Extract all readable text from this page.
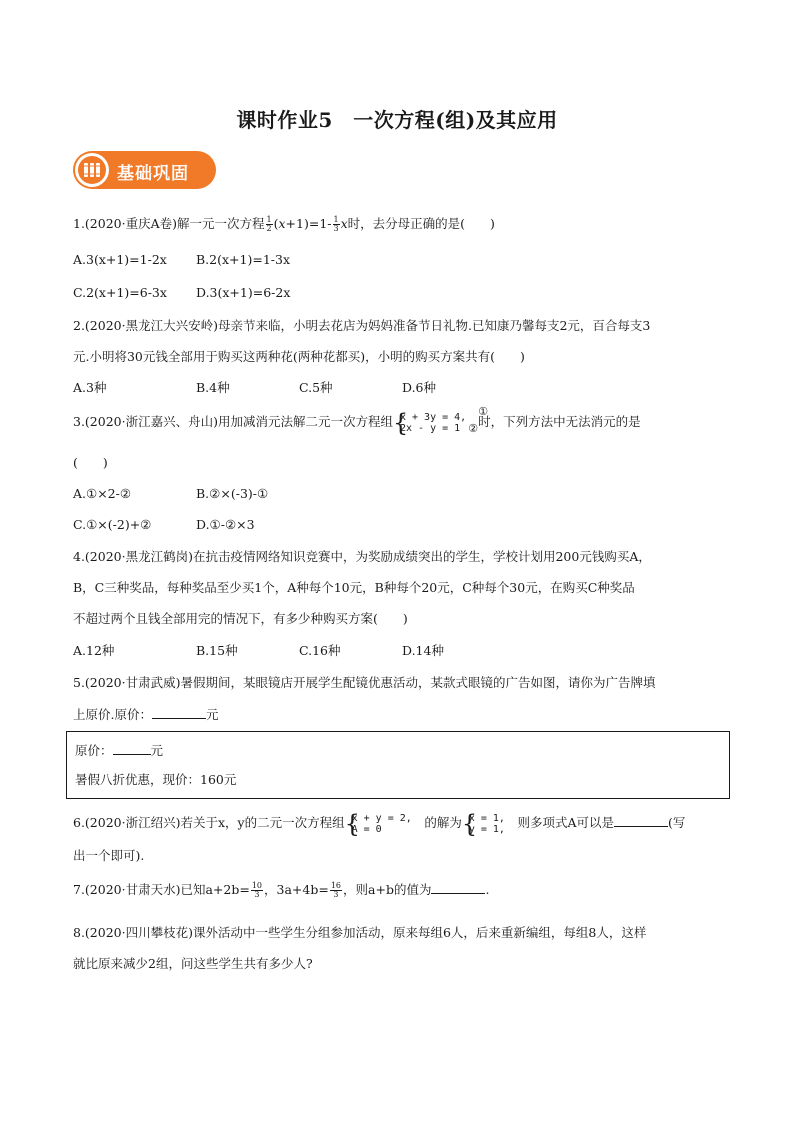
课时作业5　一次方程(组)及其应用
基础巩固
1.(2020·重庆A卷)解一元一次方程 $\frac{1}{2} (x+1)=1- \frac{1}{3}$ x时，去分母正确的是(　　)
A.3(x+1)=1-2x B.2(x+1)=1-3x
C.2(x+1)=6-3x D.3(x+1)=6-2x
2.(2020·黑龙江大兴安岭)母亲节来临，小明去花店为妈妈准备节日礼物.已知康乃馨每支2元，百合每支3
元.小明将30元钱全部用于购买这两种花(两种花都买)，小明的购买方案共有(　　)
A.3种	B.4种	C.5种	D.6种
3.(2020·浙江嘉兴、舟山)用加减消元法解二元一次方程组 {
x + 3y = 4,
2x - y = 1
①
② 时，下列方法中无法消元的是
(　　)
A.①×2-②	B.②×(-3)-①
C.①×(-2)+②	D.①-②×3
4.(2020·黑龙江鹤岗)在抗击疫情网络知识竞赛中，为奖励成绩突出的学生，学校计划用200元钱购买A，
B，C三种奖品，每种奖品至少买1个，A种每个10元，B种每个20元，C种每个30元，在购买C种奖品
不超过两个且钱全部用完的情况下，有多少种购买方案(　　)
A.12种	B.15种	C.16种	D.14种
5.(2020·甘肃武威)暑假期间，某眼镜店开展学生配镜优惠活动，某款式眼镜的广告如图，请你为广告牌填
上原价.原价：	元
原价：	元
暑假八折优惠，现价：160元
6.(2020·浙江绍兴)若关于x，y的二元一次方程组 {
x + y = 2,
A = 0
　	的解为 {
x = 1,
y = 1,
　 则多项式A可以是	(写
出一个即可).
7.(2020·甘肃天水)已知$a+2b= \frac{10}{3}$ ，$3a+4b= \frac{16}{3}$ ，则a+b的值为	.
8.(2020·四川攀枝花)课外活动中一些学生分组参加活动，原来每组6人，后来重新编组，每组8人，这样
就比原来减少2组，问这些学生共有多少人?
